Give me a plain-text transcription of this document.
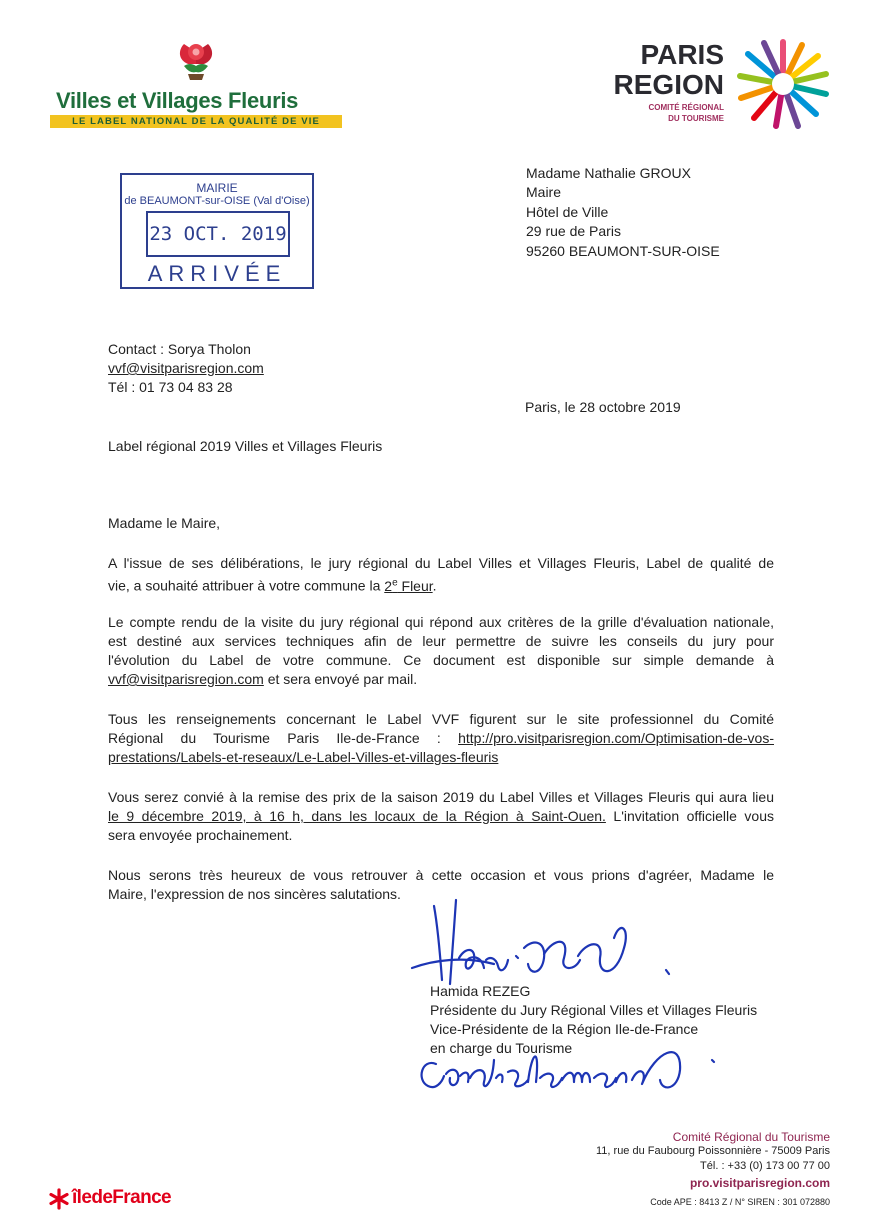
Villes et Villages Fleuris
LE LABEL NATIONAL DE LA QUALITÉ DE VIE
PARIS
REGION
COMITÉ RÉGIONAL
DU TOURISME
MAIRIE
de BEAUMONT-sur-OISE (Val d'Oise)
23 OCT. 2019
ARRIVÉE
Madame Nathalie GROUX
Maire
Hôtel de Ville
29 rue de Paris
95260 BEAUMONT-SUR-OISE
Contact : Sorya Tholon
vvf@visitparisregion.com
Tél : 01 73 04 83 28
Paris, le 28 octobre 2019
Label régional 2019 Villes et Villages Fleuris
Madame le Maire,
A l'issue de ses délibérations, le jury régional du Label Villes et Villages Fleuris, Label de qualité de
vie, a souhaité attribuer à votre commune la 2e Fleur.
Le compte rendu de la visite du jury régional qui répond aux critères de la grille d'évaluation nationale,
est destiné aux services techniques afin de leur permettre de suivre les conseils du jury pour
l'évolution du Label de votre commune. Ce document est disponible sur simple demande à
vvf@visitparisregion.com et sera envoyé par mail.
Tous les renseignements concernant le Label VVF figurent sur le site professionnel du Comité
Régional du Tourisme Paris Ile-de-France : http://pro.visitparisregion.com/Optimisation-de-vos-
prestations/Labels-et-reseaux/Le-Label-Villes-et-villages-fleuris
Vous serez convié à la remise des prix de la saison 2019 du Label Villes et Villages Fleuris qui aura lieu
le 9 décembre 2019, à 16 h, dans les locaux de la Région à Saint-Ouen. L'invitation officielle vous
sera envoyée prochainement.
Nous serons très heureux de vous retrouver à cette occasion et vous prions d'agréer, Madame le
Maire, l'expression de nos sincères salutations.
Hamida REZEG
Présidente du Jury Régional Villes et Villages Fleuris
Vice-Présidente de la Région Ile-de-France
en charge du Tourisme
Comité Régional du Tourisme
11, rue du Faubourg Poissonnière - 75009 Paris
Tél. : +33 (0) 173 00 77 00
pro.visitparisregion.com
Code APE : 8413 Z / N° SIREN : 301 072880
îledeFrance
